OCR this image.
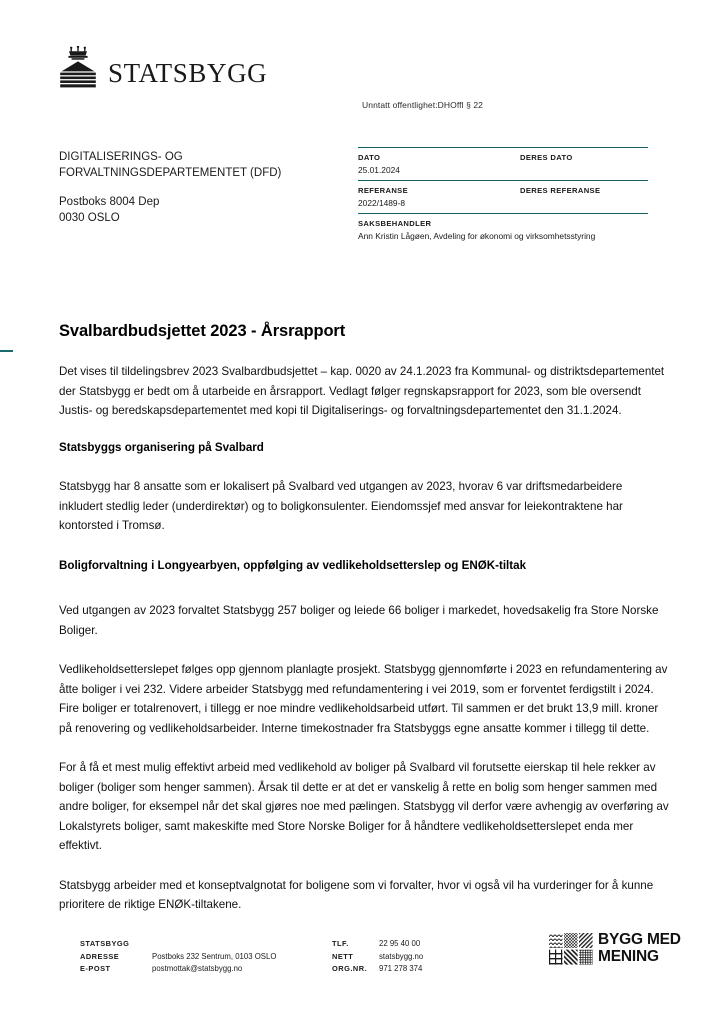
STATSBYGG
Unntatt offentlighet:DHOffl § 22
DIGITALISERINGS- OG
FORVALTNINGSDEPARTEMENTET (DFD)
Postboks 8004 Dep
0030 OSLO
DATO
25.01.2024
DERES DATO
REFERANSE
2022/1489-8
DERES REFERANSE
SAKSBEHANDLER
Ann Kristin Lågøen, Avdeling for økonomi og virksomhetsstyring
Svalbardbudsjettet 2023 - Årsrapport

Det vises til tildelingsbrev 2023 Svalbardbudsjettet – kap. 0020 av 24.1.2023 fra Kommunal- og distriktsdepartementet der Statsbygg er bedt om å utarbeide en årsrapport. Vedlagt følger regnskapsrapport for 2023, som ble oversendt Justis- og beredskapsdepartementet med kopi til Digitaliserings- og forvaltningsdepartementet den 31.1.2024.

Statsbyggs organisering på Svalbard

Statsbygg har 8 ansatte som er lokalisert på Svalbard ved utgangen av 2023, hvorav 6 var driftsmedarbeidere inkludert stedlig leder (underdirektør) og to boligkonsulenter. Eiendomssjef med ansvar for leiekontraktene har kontorsted i Tromsø.

Boligforvaltning i Longyearbyen, oppfølging av vedlikeholdsetterslep og ENØK-tiltak

Ved utgangen av 2023 forvaltet Statsbygg 257 boliger og leiede 66 boliger i markedet, hovedsakelig fra Store Norske Boliger.

Vedlikeholdsetterslepet følges opp gjennom planlagte prosjekt. Statsbygg gjennomførte i 2023 en refundamentering av åtte boliger i vei 232. Videre arbeider Statsbygg med refundamentering i vei 2019, som er forventet ferdigstilt i 2024. Fire boliger er totalrenovert, i tillegg er noe mindre vedlikeholdsarbeid utført. Til sammen er det brukt 13,9 mill. kroner på renovering og vedlikeholdsarbeider. Interne timekostnader fra Statsbyggs egne ansatte kommer i tillegg til dette.

For å få et mest mulig effektivt arbeid med vedlikehold av boliger på Svalbard vil forutsette eierskap til hele rekker av boliger (boliger som henger sammen). Årsak til dette er at det er vanskelig å rette en bolig som henger sammen med andre boliger, for eksempel når det skal gjøres noe med pælingen. Statsbygg vil derfor være avhengig av overføring av Lokalstyrets boliger, samt makeskifte med Store Norske Boliger for å håndtere vedlikeholdsetterslepet enda mer effektivt.

Statsbygg arbeider med et konseptvalgnotat for boligene som vi forvalter, hvor vi også vil ha vurderinger for å kunne prioritere de riktige ENØK-tiltakene.

STATSBYGG
ADRESSE
E-POST
Postboks 232 Sentrum, 0103 OSLO
postmottak@statsbygg.no
TLF.
NETT
ORG.NR.
22 95 40 00
statsbygg.no
971 278 374
BYGG MED
MENING
